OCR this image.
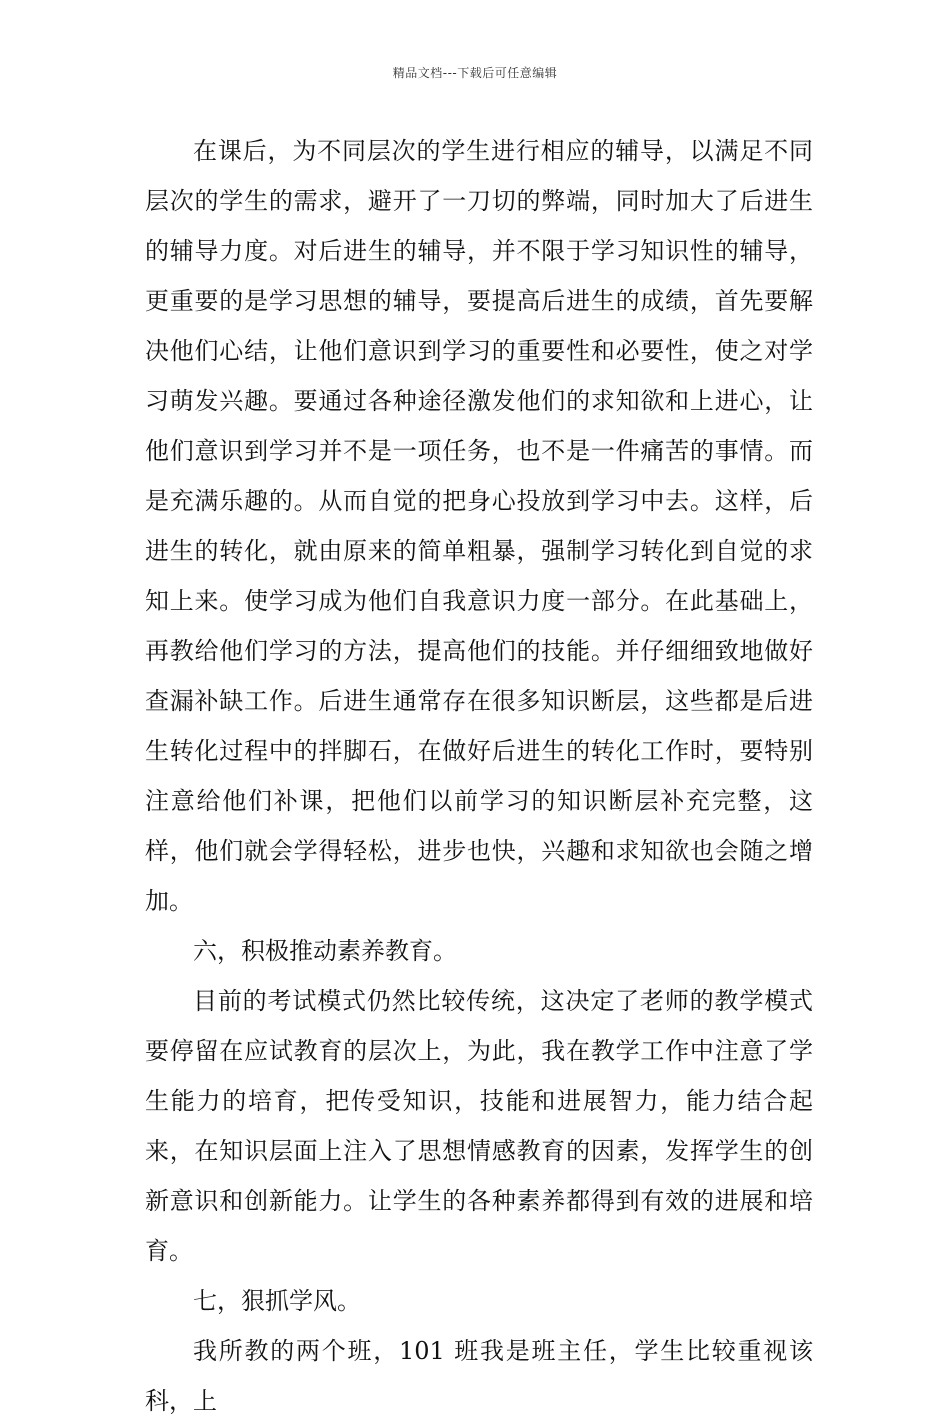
精品文档---下载后可任意编辑

在课后，为不同层次的学生进行相应的辅导，以满足不同层次的学生的需求，避开了一刀切的弊端，同时加大了后进生的辅导力度。对后进生的辅导，并不限于学习知识性的辅导，更重要的是学习思想的辅导，要提高后进生的成绩，首先要解决他们心结，让他们意识到学习的重要性和必要性，使之对学习萌发兴趣。要通过各种途径激发他们的求知欲和上进心，让他们意识到学习并不是一项任务，也不是一件痛苦的事情。而是充满乐趣的。从而自觉的把身心投放到学习中去。这样，后进生的转化，就由原来的简单粗暴，强制学习转化到自觉的求知上来。使学习成为他们自我意识力度一部分。在此基础上，再教给他们学习的方法，提高他们的技能。并仔细细致地做好查漏补缺工作。后进生通常存在很多知识断层，这些都是后进生转化过程中的拌脚石，在做好后进生的转化工作时，要特别注意给他们补课，把他们以前学习的知识断层补充完整，这样，他们就会学得轻松，进步也快，兴趣和求知欲也会随之增加。

六，积极推动素养教育。

目前的考试模式仍然比较传统，这决定了老师的教学模式要停留在应试教育的层次上，为此，我在教学工作中注意了学生能力的培育，把传受知识，技能和进展智力，能力结合起来，在知识层面上注入了思想情感教育的因素，发挥学生的创新意识和创新能力。让学生的各种素养都得到有效的进展和培育。

七，狠抓学风。

我所教的两个班，101 班我是班主任，学生比较重视该科，上
